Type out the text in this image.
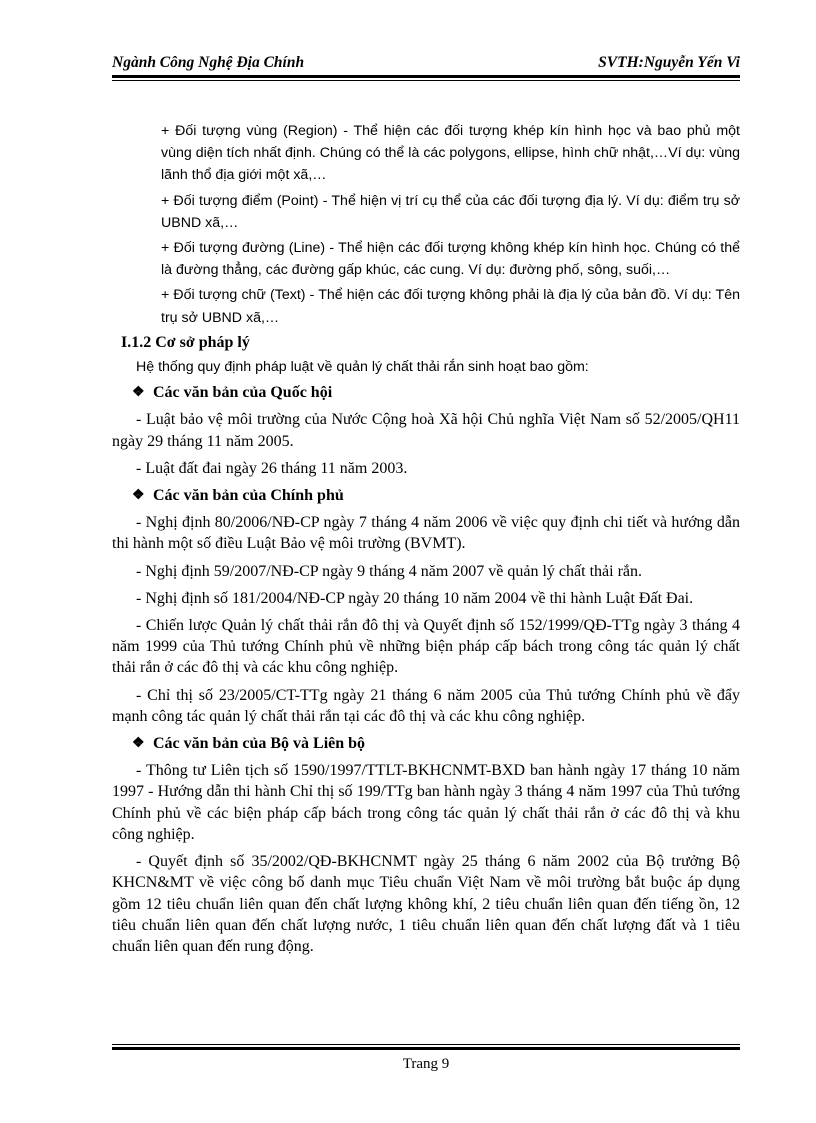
Ngành Công Nghệ Địa Chính	SVTH:Nguyễn Yến Vi

+ Đối tượng vùng (Region) - Thể hiện các đối tượng khép kín hình học và bao phủ một vùng diện tích nhất định. Chúng có thể là các polygons, ellipse, hình chữ nhật,…Ví dụ: vùng lãnh thổ địa giới một xã,…

+ Đối tượng điểm (Point) - Thể hiện vị trí cụ thể của các đối tượng địa lý. Ví dụ: điểm trụ sở UBND xã,…

+ Đối tượng đường (Line) - Thể hiện các đối tượng không khép kín hình học. Chúng có thể là đường thẳng, các đường gấp khúc, các cung. Ví dụ: đường phố, sông, suối,…

+ Đối tượng chữ (Text) - Thể hiện các đối tượng không phải là địa lý của bản đồ. Ví dụ: Tên trụ sở UBND xã,…

I.1.2 Cơ sở pháp lý

Hệ thống quy định pháp luật về quản lý chất thải rắn sinh hoạt bao gồm:

❖ Các văn bản của Quốc hội

- Luật bảo vệ môi trường của Nước Cộng hoà Xã hội Chủ nghĩa Việt Nam số 52/2005/QH11 ngày 29 tháng 11 năm 2005.

- Luật đất đai ngày 26 tháng 11 năm 2003.

❖ Các văn bản của Chính phủ

- Nghị định 80/2006/NĐ-CP ngày 7 tháng 4 năm 2006 về việc quy định chi tiết và hướng dẫn thi hành một số điều Luật Bảo vệ môi trường (BVMT).

- Nghị định 59/2007/NĐ-CP ngày 9 tháng 4 năm 2007 về quản lý chất thải rắn.

- Nghị định số 181/2004/NĐ-CP ngày 20 tháng 10 năm 2004 về thi hành Luật Đất Đai.

- Chiến lược Quản lý chất thải rắn đô thị và Quyết định số 152/1999/QĐ-TTg ngày 3 tháng 4 năm 1999 của Thủ tướng Chính phủ về những biện pháp cấp bách trong công tác quản lý chất thải rắn ở các đô thị và các khu công nghiệp.

- Chỉ thị số 23/2005/CT-TTg ngày 21 tháng 6 năm 2005 của Thủ tướng Chính phủ về đẩy mạnh công tác quản lý chất thải rắn tại các đô thị và các khu công nghiệp.

❖ Các văn bản của Bộ và Liên bộ

- Thông tư Liên tịch số 1590/1997/TTLT-BKHCNMT-BXD ban hành ngày 17 tháng 10 năm 1997 - Hướng dẫn thi hành Chỉ thị số 199/TTg ban hành ngày 3 tháng 4 năm 1997 của Thủ tướng Chính phủ về các biện pháp cấp bách trong công tác quản lý chất thải rắn ở các đô thị và khu công nghiệp.

- Quyết định số 35/2002/QĐ-BKHCNMT ngày 25 tháng 6 năm 2002 của Bộ trưởng Bộ KHCN&MT về việc công bố danh mục Tiêu chuẩn Việt Nam về môi trường bắt buộc áp dụng gồm 12 tiêu chuẩn liên quan đến chất lượng không khí, 2 tiêu chuẩn liên quan đến tiếng ồn, 12 tiêu chuẩn liên quan đến chất lượng nước, 1 tiêu chuẩn liên quan đến chất lượng đất và 1 tiêu chuẩn liên quan đến rung động.

Trang 9
